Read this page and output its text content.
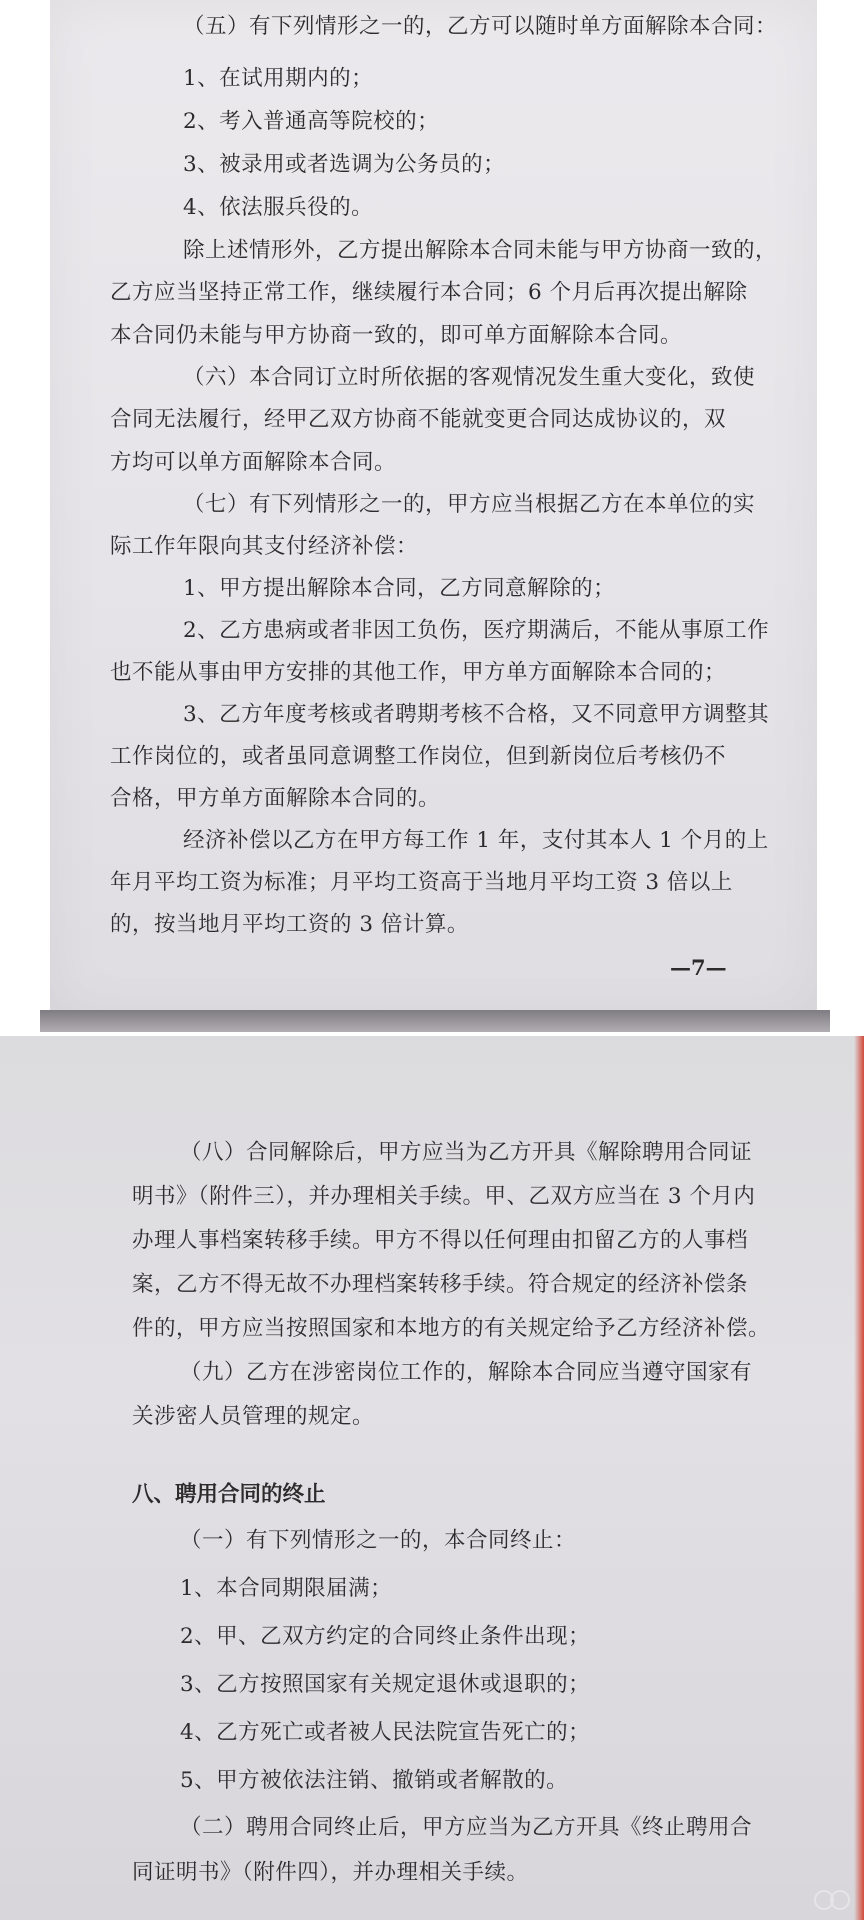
（五）有下列情形之一的，乙方可以随时单方面解除本合同：
1、在试用期内的；
2、考入普通高等院校的；
3、被录用或者选调为公务员的；
4、依法服兵役的。
除上述情形外，乙方提出解除本合同未能与甲方协商一致的，
乙方应当坚持正常工作，继续履行本合同；6 个月后再次提出解除
本合同仍未能与甲方协商一致的，即可单方面解除本合同。
（六）本合同订立时所依据的客观情况发生重大变化，致使
合同无法履行，经甲乙双方协商不能就变更合同达成协议的，双
方均可以单方面解除本合同。
（七）有下列情形之一的，甲方应当根据乙方在本单位的实
际工作年限向其支付经济补偿：
1、甲方提出解除本合同，乙方同意解除的；
2、乙方患病或者非因工负伤，医疗期满后，不能从事原工作
也不能从事由甲方安排的其他工作，甲方单方面解除本合同的；
3、乙方年度考核或者聘期考核不合格，又不同意甲方调整其
工作岗位的，或者虽同意调整工作岗位，但到新岗位后考核仍不
合格，甲方单方面解除本合同的。
经济补偿以乙方在甲方每工作 1 年，支付其本人 1 个月的上
年月平均工资为标准；月平均工资高于当地月平均工资 3 倍以上
的，按当地月平均工资的 3 倍计算。
—7—
（八）合同解除后，甲方应当为乙方开具《解除聘用合同证
明书》（附件三），并办理相关手续。甲、乙双方应当在 3 个月内
办理人事档案转移手续。甲方不得以任何理由扣留乙方的人事档
案，乙方不得无故不办理档案转移手续。符合规定的经济补偿条
件的，甲方应当按照国家和本地方的有关规定给予乙方经济补偿。
（九）乙方在涉密岗位工作的，解除本合同应当遵守国家有
关涉密人员管理的规定。
八、聘用合同的终止
（一）有下列情形之一的，本合同终止：
1、本合同期限届满；
2、甲、乙双方约定的合同终止条件出现；
3、乙方按照国家有关规定退休或退职的；
4、乙方死亡或者被人民法院宣告死亡的；
5、甲方被依法注销、撤销或者解散的。
（二）聘用合同终止后，甲方应当为乙方开具《终止聘用合
同证明书》（附件四），并办理相关手续。
